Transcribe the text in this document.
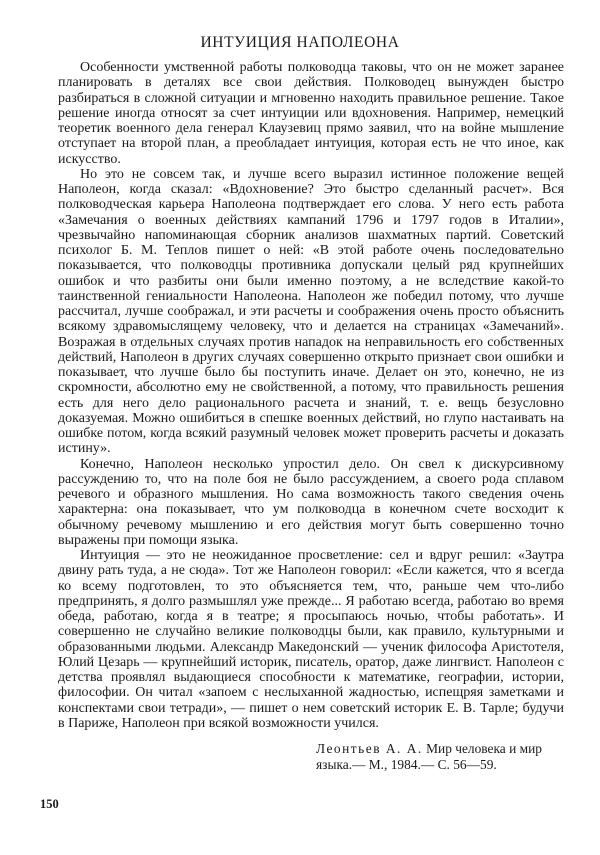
ИНТУИЦИЯ НАПОЛЕОНА

Особенности умственной работы полководца таковы, что он не может заранее планировать в деталях все свои действия. Полководец вынужден быстро разбираться в сложной ситуации и мгновенно находить правильное решение. Такое решение иногда относят за счет интуиции или вдохновения. Например, немецкий теоретик военного дела генерал Клаузевиц прямо заявил, что на войне мышление отступает на второй план, а преобладает интуиция, которая есть не что иное, как искусство.

Но это не совсем так, и лучше всего выразил истинное положение вещей Наполеон, когда сказал: «Вдохновение? Это быстро сделанный расчет». Вся полководческая карьера Наполеона подтверждает его слова. У него есть работа «Замечания о военных действиях кампаний 1796 и 1797 годов в Италии», чрезвычайно напоминающая сборник анализов шахматных партий. Советский психолог Б. М. Теплов пишет о ней: «В этой работе очень последовательно показывается, что полководцы противника допускали целый ряд крупнейших ошибок и что разбиты они были именно поэтому, а не вследствие какой-то таинственной гениальности Наполеона. Наполеон же победил потому, что лучше рассчитал, лучше соображал, и эти расчеты и соображения очень просто объяснить всякому здравомыслящему человеку, что и делается на страницах «Замечаний». Возражая в отдельных случаях против нападок на неправильность его собственных действий, Наполеон в других случаях совершенно открыто признает свои ошибки и показывает, что лучше было бы поступить иначе. Делает он это, конечно, не из скромности, абсолютно ему не свойственной, а потому, что правильность решения есть для него дело рационального расчета и знаний, т. е. вещь безусловно доказуемая. Можно ошибиться в спешке военных действий, но глупо настаивать на ошибке потом, когда всякий разумный человек может проверить расчеты и доказать истину».

Конечно, Наполеон несколько упростил дело. Он свел к дискурсивному рассуждению то, что на поле боя не было рассуждением, а своего рода сплавом речевого и образного мышления. Но сама возможность такого сведения очень характерна: она показывает, что ум полководца в конечном счете восходит к обычному речевому мышлению и его действия могут быть совершенно точно выражены при помощи языка.

Интуиция — это не неожиданное просветление: сел и вдруг решил: «Заутра двину рать туда, а не сюда». Тот же Наполеон говорил: «Если кажется, что я всегда ко всему подготовлен, то это объясняется тем, что, раньше чем что-либо предпринять, я долго размышлял уже прежде... Я работаю всегда, работаю во время обеда, работаю, когда я в театре; я просыпаюсь ночью, чтобы работать». И совершенно не случайно великие полководцы были, как правило, культурными и образованными людьми. Александр Македонский — ученик философа Аристотеля, Юлий Цезарь — крупнейший историк, писатель, оратор, даже лингвист. Наполеон с детства проявлял выдающиеся способности к математике, географии, истории, философии. Он читал «запоем с неслыханной жадностью, испещряя заметками и конспектами свои тетради», — пишет о нем советский историк Е. В. Тарле; будучи в Париже, Наполеон при всякой возможности учился.

Леонтьев А. А. Мир человека и мир языка.— М., 1984.— С. 56—59.
150
